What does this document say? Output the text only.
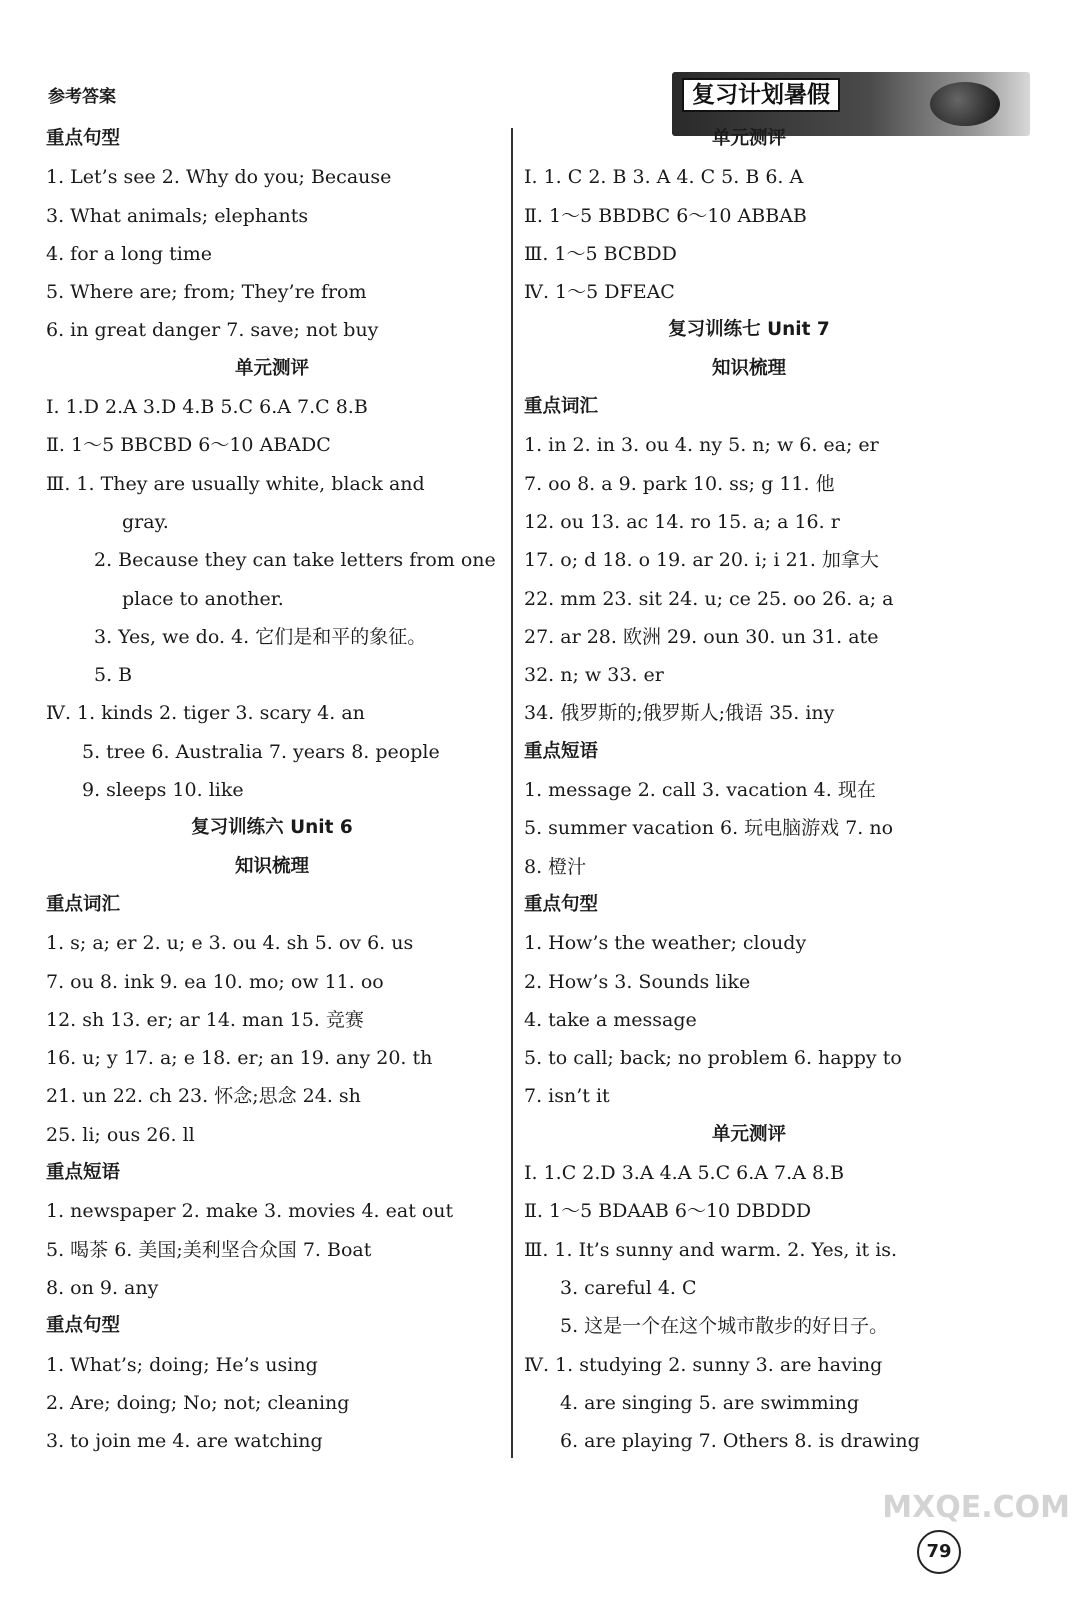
参考答案	复习计划暑假
重点句型
1. Let’s see 2. Why do you; Because
3. What animals; elephants
4. for a long time
5. Where are; from; They’re from
6. in great danger 7. save; not buy
单元测评
Ⅰ. 1.D 2.A 3.D 4.B 5.C 6.A 7.C 8.B
Ⅱ. 1～5 BBCBD 6～10 ABADC
Ⅲ. 1. They are usually white, black and
gray.
2. Because they can take letters from one
place to another.
3. Yes, we do. 4. 它们是和平的象征。
5. B
Ⅳ. 1. kinds 2. tiger 3. scary 4. an
5. tree 6. Australia 7. years 8. people
9. sleeps 10. like
复习训练六 Unit 6
知识梳理
重点词汇
1. s; a; er 2. u; e 3. ou 4. sh 5. ov 6. us
7. ou 8. ink 9. ea 10. mo; ow 11. oo
12. sh 13. er; ar 14. man 15. 竞赛
16. u; y 17. a; e 18. er; an 19. any 20. th
21. un 22. ch 23. 怀念;思念 24. sh
25. li; ous 26. ll
重点短语
1. newspaper 2. make 3. movies 4. eat out
5. 喝茶 6. 美国;美利坚合众国 7. Boat
8. on 9. any
重点句型
1. What’s; doing; He’s using
2. Are; doing; No; not; cleaning
3. to join me 4. are watching
单元测评
Ⅰ. 1. C 2. B 3. A 4. C 5. B 6. A
Ⅱ. 1～5 BBDBC 6～10 ABBAB
Ⅲ. 1～5 BCBDD
Ⅳ. 1～5 DFEAC
复习训练七 Unit 7
知识梳理
重点词汇
1. in 2. in 3. ou 4. ny 5. n; w 6. ea; er
7. oo 8. a 9. park 10. ss; g 11. 他
12. ou 13. ac 14. ro 15. a; a 16. r
17. o; d 18. o 19. ar 20. i; i 21. 加拿大
22. mm 23. sit 24. u; ce 25. oo 26. a; a
27. ar 28. 欧洲 29. oun 30. un 31. ate
32. n; w 33. er
34. 俄罗斯的;俄罗斯人;俄语 35. iny
重点短语
1. message 2. call 3. vacation 4. 现在
5. summer vacation 6. 玩电脑游戏 7. no
8. 橙汁
重点句型
1. How’s the weather; cloudy
2. How’s 3. Sounds like
4. take a message
5. to call; back; no problem 6. happy to
7. isn’t it
单元测评
Ⅰ. 1.C 2.D 3.A 4.A 5.C 6.A 7.A 8.B
Ⅱ. 1～5 BDAAB 6～10 DBDDD
Ⅲ. 1. It’s sunny and warm. 2. Yes, it is.
3. careful 4. C
5. 这是一个在这个城市散步的好日子。
Ⅳ. 1. studying 2. sunny 3. are having
4. are singing 5. are swimming
6. are playing 7. Others 8. is drawing
MXQE.COM
79
